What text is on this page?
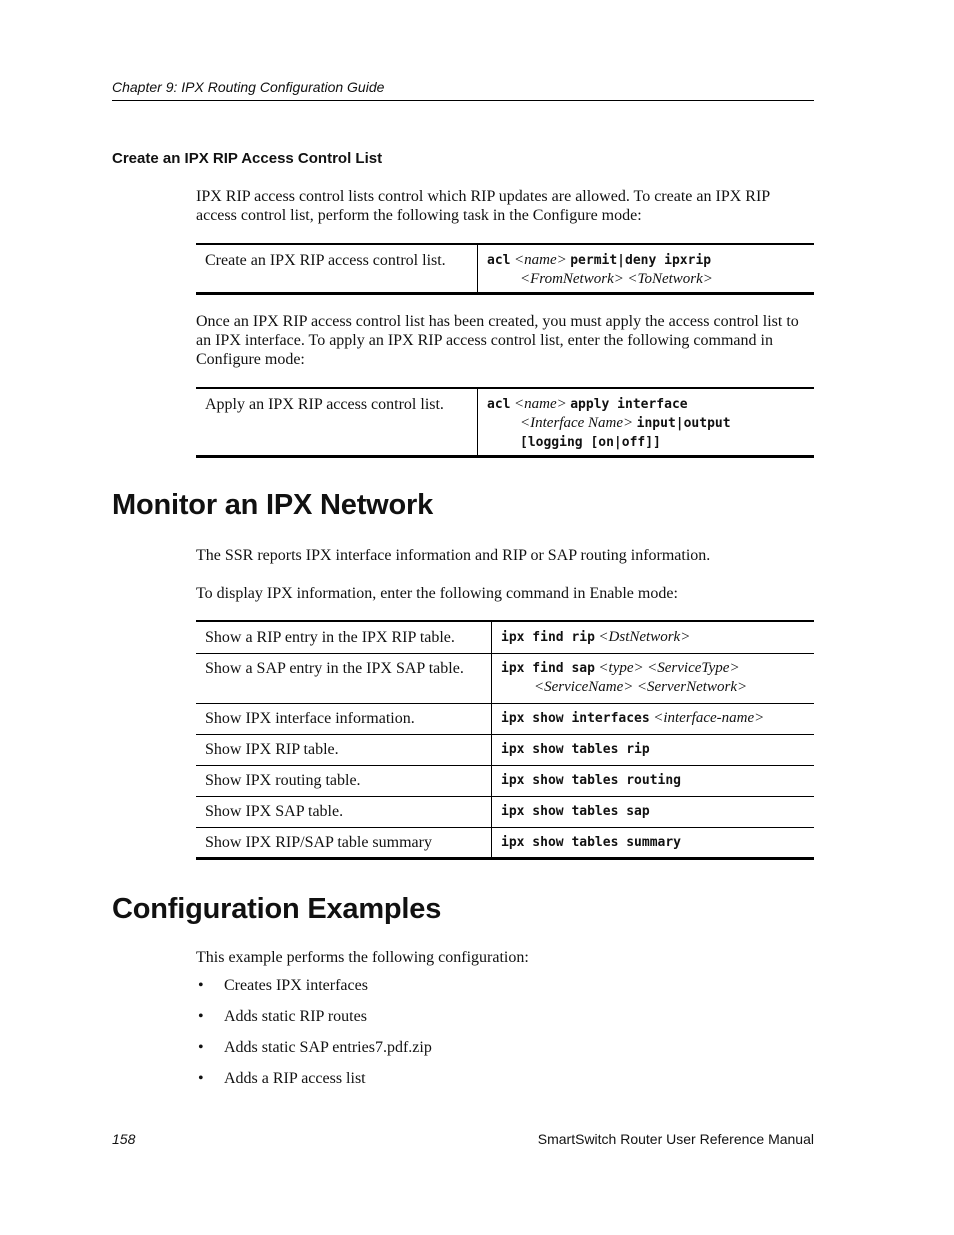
Chapter 9: IPX Routing Configuration Guide
Create an IPX RIP Access Control List
IPX RIP access control lists control which RIP updates are allowed. To create an IPX RIP access control list, perform the following task in the Configure mode:
Create an IPX RIP access control list.	acl <name> permit|deny ipxrip
<FromNetwork> <ToNetwork>
Once an IPX RIP access control list has been created, you must apply the access control list to an IPX interface. To apply an IPX RIP access control list, enter the following command in Configure mode:
Apply an IPX RIP access control list.	acl <name> apply interface
<Interface Name> input|output
[logging [on|off]]
Monitor an IPX Network
The SSR reports IPX interface information and RIP or SAP routing information.
To display IPX information, enter the following command in Enable mode:
Show a RIP entry in the IPX RIP table.	ipx find rip <DstNetwork>
Show a SAP entry in the IPX SAP table.	ipx find sap <type> <ServiceType>
<ServiceName> <ServerNetwork>

Show IPX interface information.	ipx show interfaces <interface-name>
Show IPX RIP table.	ipx show tables rip
Show IPX routing table.	ipx show tables routing
Show IPX SAP table.	ipx show tables sap
Show IPX RIP/SAP table summary	ipx show tables summary
Configuration Examples
This example performs the following configuration:
• Creates IPX interfaces
• Adds static RIP routes
• Adds static SAP entries7.pdf.zip
• Adds a RIP access list
158	SmartSwitch Router User Reference Manual
